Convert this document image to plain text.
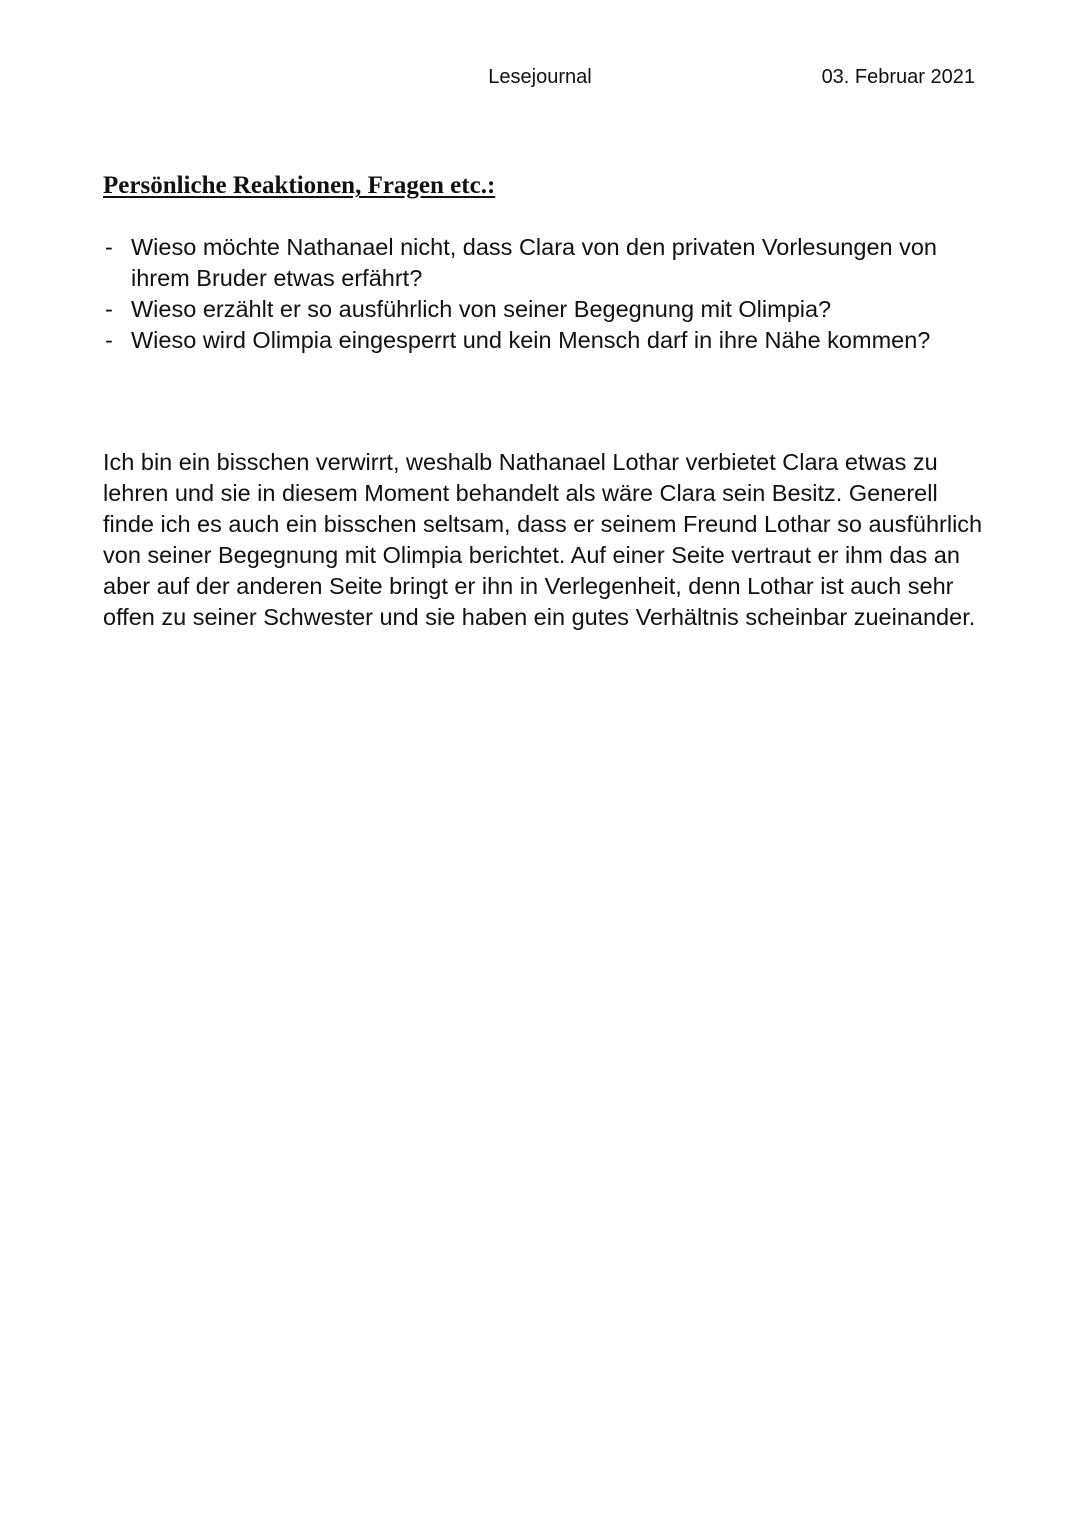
Lesejournal	03. Februar 2021
Persönliche Reaktionen, Fragen etc.:
- Wieso möchte Nathanael nicht, dass Clara von den privaten Vorlesungen von ihrem Bruder etwas erfährt?
- Wieso erzählt er so ausführlich von seiner Begegnung mit Olimpia?
- Wieso wird Olimpia eingesperrt und kein Mensch darf in ihre Nähe kommen?

Ich bin ein bisschen verwirrt, weshalb Nathanael Lothar verbietet Clara etwas zu lehren und sie in diesem Moment behandelt als wäre Clara sein Besitz. Generell finde ich es auch ein bisschen seltsam, dass er seinem Freund Lothar so ausführlich von seiner Begegnung mit Olimpia berichtet. Auf einer Seite vertraut er ihm das an aber auf der anderen Seite bringt er ihn in Verlegenheit, denn Lothar ist auch sehr offen zu seiner Schwester und sie haben ein gutes Verhältnis scheinbar zueinander.
